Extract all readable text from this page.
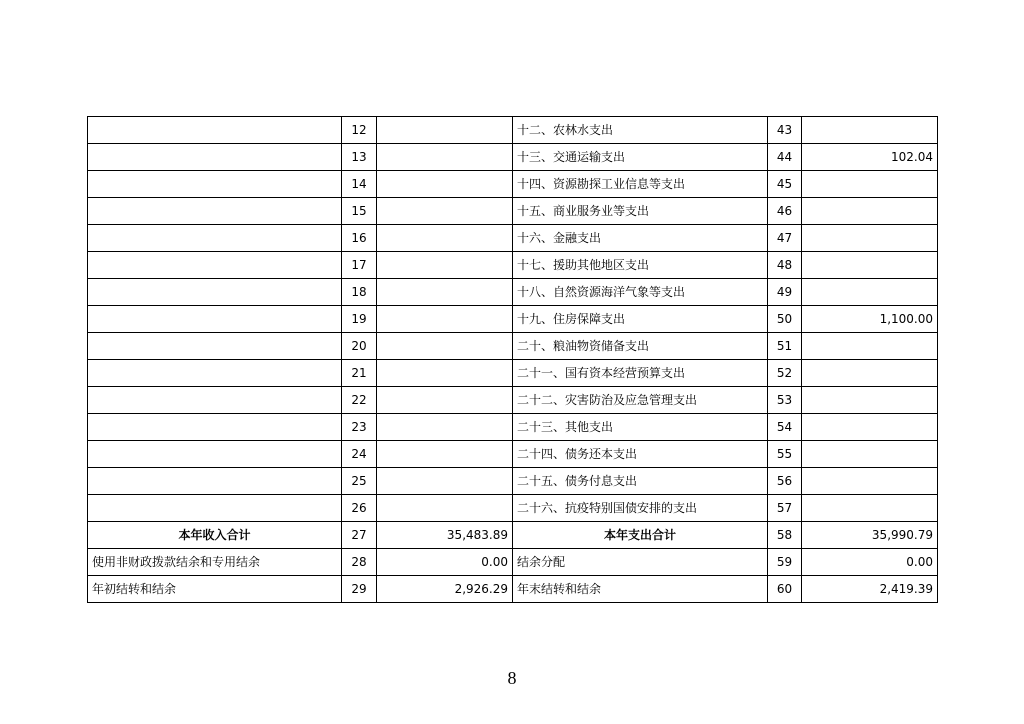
	12		十二、农林水支出	43	
	13		十三、交通运输支出	44	102.04
	14		十四、资源勘探工业信息等支出	45	
	15		十五、商业服务业等支出	46	
	16		十六、金融支出	47	
	17		十七、援助其他地区支出	48	
	18		十八、自然资源海洋气象等支出	49	
	19		十九、住房保障支出	50	1,100.00
	20		二十、粮油物资储备支出	51	
	21		二十一、国有资本经营预算支出	52	
	22		二十二、灾害防治及应急管理支出	53	
	23		二十三、其他支出	54	
	24		二十四、债务还本支出	55	
	25		二十五、债务付息支出	56	
	26		二十六、抗疫特别国债安排的支出	57	
本年收入合计	27	35,483.89	本年支出合计	58	35,990.79
使用非财政拨款结余和专用结余	28	0.00	结余分配	59	0.00
年初结转和结余	29	2,926.29	年末结转和结余	60	2,419.39
8
